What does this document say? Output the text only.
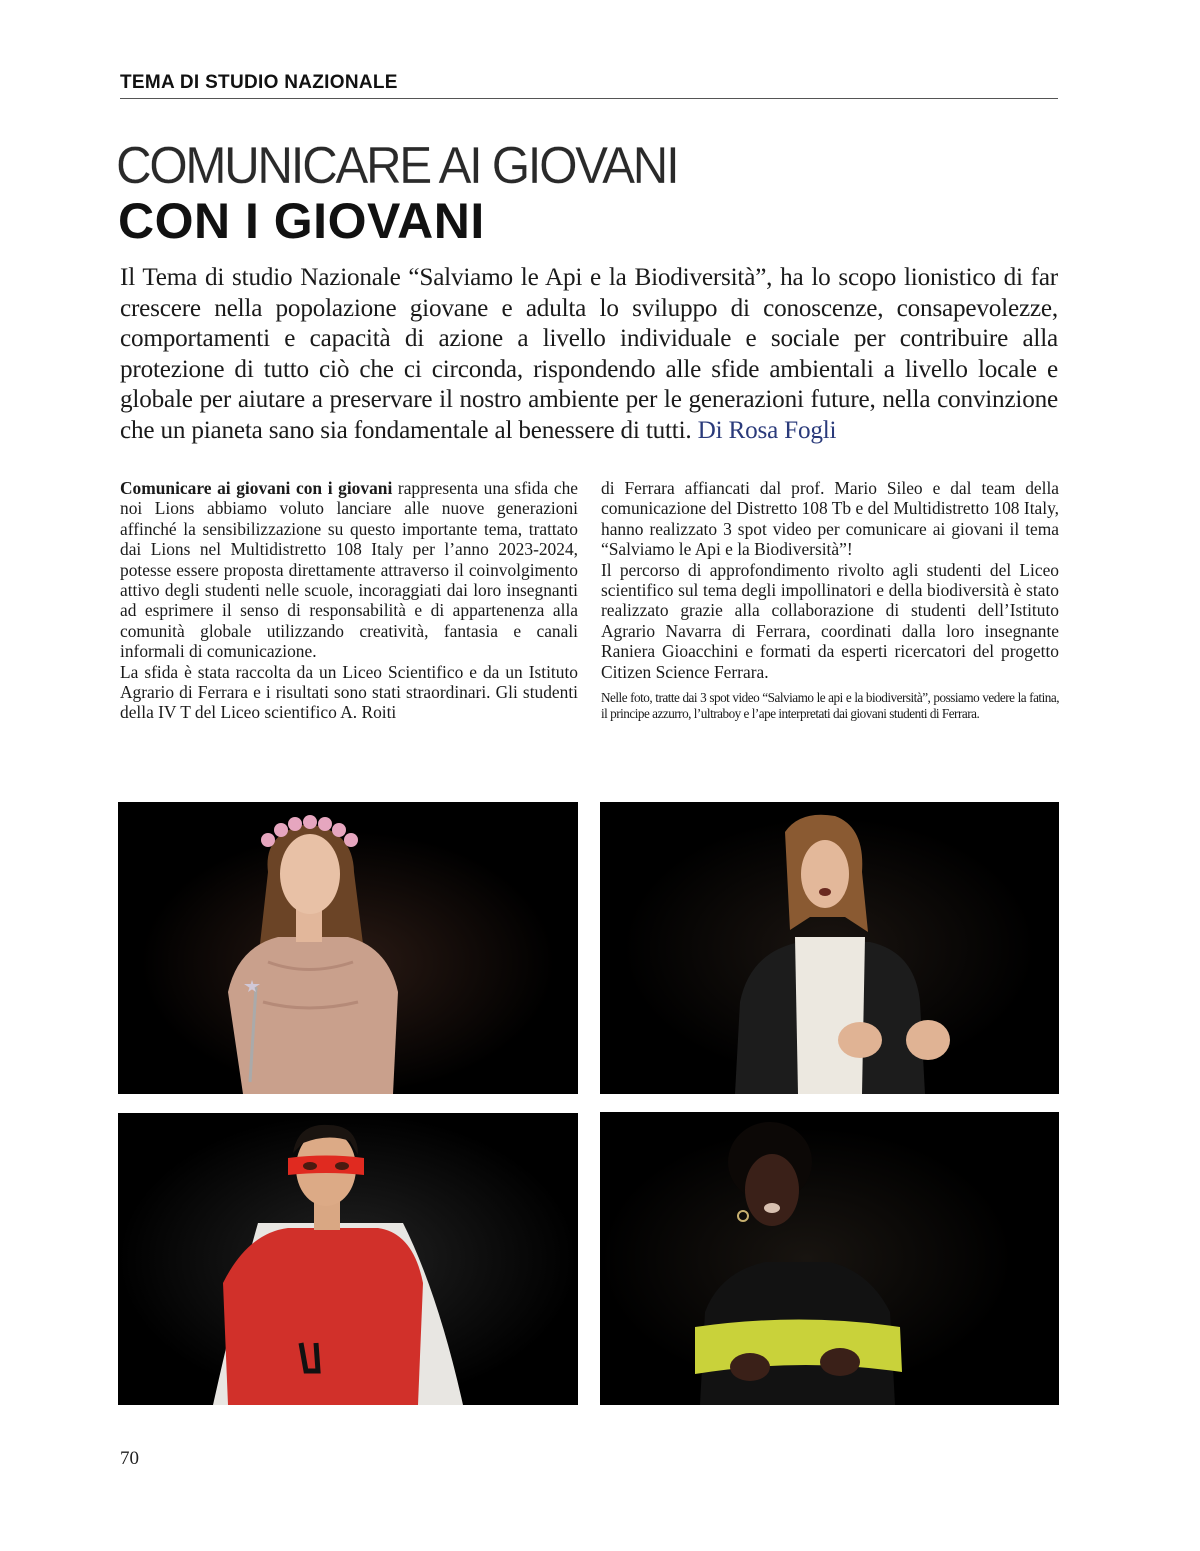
TEMA DI STUDIO NAZIONALE
COMUNICARE AI GIOVANI
CON I GIOVANI
Il Tema di studio Nazionale “Salviamo le Api e la Biodiversità”, ha lo scopo lionistico di far crescere nella popolazione giovane e adulta lo sviluppo di conoscenze, consapevolezze, comportamenti e capacità di azione a livello individuale e sociale per contribuire alla protezione di tutto ciò che ci circonda, rispondendo alle sfide ambientali a livello locale e globale per aiutare a preservare il nostro ambiente per le generazioni future, nella convinzione che un pianeta sano sia fondamentale al benessere di tutti. Di Rosa Fogli

Comunicare ai giovani con i giovani rappresenta una sfida che noi Lions abbiamo voluto lanciare alle nuove generazioni affinché la sensibilizzazione su questo importante tema, trattato dai Lions nel Multidistretto 108 Italy per l’anno 2023-2024, potesse essere proposta direttamente attraverso il coinvolgimento attivo degli studenti nelle scuole, incoraggiati dai loro insegnanti ad esprimere il senso di responsabilità e di appartenenza alla comunità globale utilizzando creatività, fantasia e canali informali di comunicazione.

La sfida è stata raccolta da un Liceo Scientifico e da un Istituto Agrario di Ferrara e i risultati sono stati straordinari. Gli studenti della IV T del Liceo scientifico A. Roiti

di Ferrara affiancati dal prof. Mario Sileo e dal team della comunicazione del Distretto 108 Tb e del Multidistretto 108 Italy, hanno realizzato 3 spot video per comunicare ai giovani il tema “Salviamo le Api e la Biodiversità”!

Il percorso di approfondimento rivolto agli studenti del Liceo scientifico sul tema degli impollinatori e della biodiversità è stato realizzato grazie alla collaborazione di studenti dell’Istituto Agrario Navarra di Ferrara, coordinati dalla loro insegnante Raniera Gioacchini e formati da esperti ricercatori del progetto Citizen Science Ferrara.

Nelle foto, tratte dai 3 spot video “Salviamo le api e la biodiversità”, possiamo vedere la fatina, il principe azzurro, l’ultraboy e l’ape interpretati dai giovani studenti di Ferrara.

70
